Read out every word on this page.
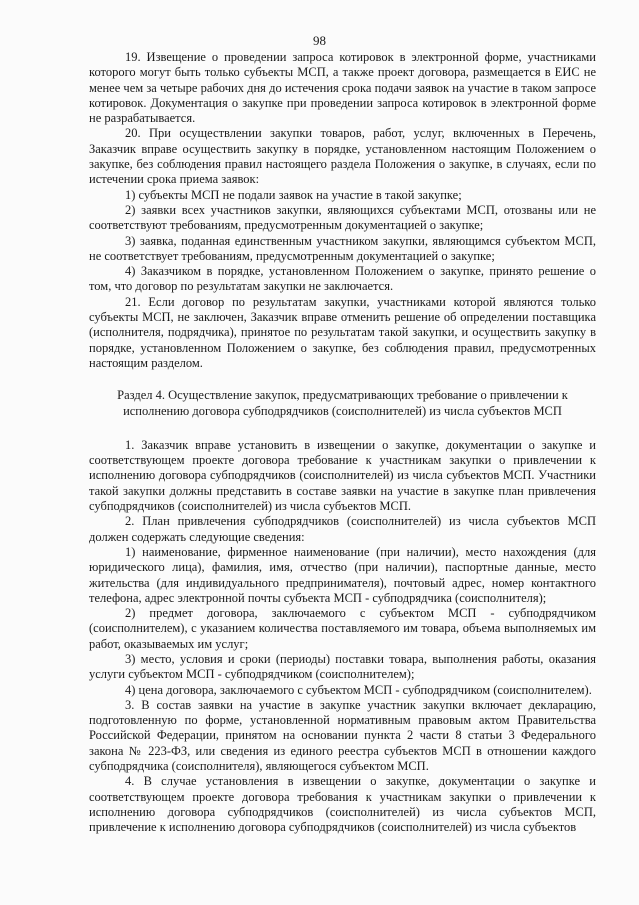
98

19. Извещение о проведении запроса котировок в электронной форме, участниками которого могут быть только субъекты МСП, а также проект договора, размещается в ЕИС не менее чем за четыре рабочих дня до истечения срока подачи заявок на участие в таком запросе котировок. Документация о закупке при проведении запроса котировок в электронной форме не разрабатывается.

20. При осуществлении закупки товаров, работ, услуг, включенных в Перечень, Заказчик вправе осуществить закупку в порядке, установленном настоящим Положением о закупке, без соблюдения правил настоящего раздела Положения о закупке, в случаях, если по истечении срока приема заявок:

1) субъекты МСП не подали заявок на участие в такой закупке;

2) заявки всех участников закупки, являющихся субъектами МСП, отозваны или не соответствуют требованиям, предусмотренным документацией о закупке;

3) заявка, поданная единственным участником закупки, являющимся субъектом МСП, не соответствует требованиям, предусмотренным документацией о закупке;

4) Заказчиком в порядке, установленном Положением о закупке, принято решение о том, что договор по результатам закупки не заключается.

21. Если договор по результатам закупки, участниками которой являются только субъекты МСП, не заключен, Заказчик вправе отменить решение об определении поставщика (исполнителя, подрядчика), принятое по результатам такой закупки, и осуществить закупку в порядке, установленном Положением о закупке, без соблюдения правил, предусмотренных настоящим разделом.

Раздел 4. Осуществление закупок, предусматривающих требование о привлечении к исполнению договора субподрядчиков (соисполнителей) из числа субъектов МСП

1. Заказчик вправе установить в извещении о закупке, документации о закупке и соответствующем проекте договора требование к участникам закупки о привлечении к исполнению договора субподрядчиков (соисполнителей) из числа субъектов МСП. Участники такой закупки должны представить в составе заявки на участие в закупке план привлечения субподрядчиков (соисполнителей) из числа субъектов МСП.

2. План привлечения субподрядчиков (соисполнителей) из числа субъектов МСП должен содержать следующие сведения:

1) наименование, фирменное наименование (при наличии), место нахождения (для юридического лица), фамилия, имя, отчество (при наличии), паспортные данные, место жительства (для индивидуального предпринимателя), почтовый адрес, номер контактного телефона, адрес электронной почты субъекта МСП - субподрядчика (соисполнителя);

2) предмет договора, заключаемого с субъектом МСП - субподрядчиком (соисполнителем), с указанием количества поставляемого им товара, объема выполняемых им работ, оказываемых им услуг;

3) место, условия и сроки (периоды) поставки товара, выполнения работы, оказания услуги субъектом МСП - субподрядчиком (соисполнителем);

4) цена договора, заключаемого с субъектом МСП - субподрядчиком (соисполнителем).

3. В состав заявки на участие в закупке участник закупки включает декларацию, подготовленную по форме, установленной нормативным правовым актом Правительства Российской Федерации, принятом на основании пункта 2 части 8 статьи 3 Федерального закона № 223-ФЗ, или сведения из единого реестра субъектов МСП в отношении каждого субподрядчика (соисполнителя), являющегося субъектом МСП.

4. В случае установления в извещении о закупке, документации о закупке и соответствующем проекте договора требования к участникам закупки о привлечении к исполнению договора субподрядчиков (соисполнителей) из числа субъектов МСП, привлечение к исполнению договора субподрядчиков (соисполнителей) из числа субъектов
